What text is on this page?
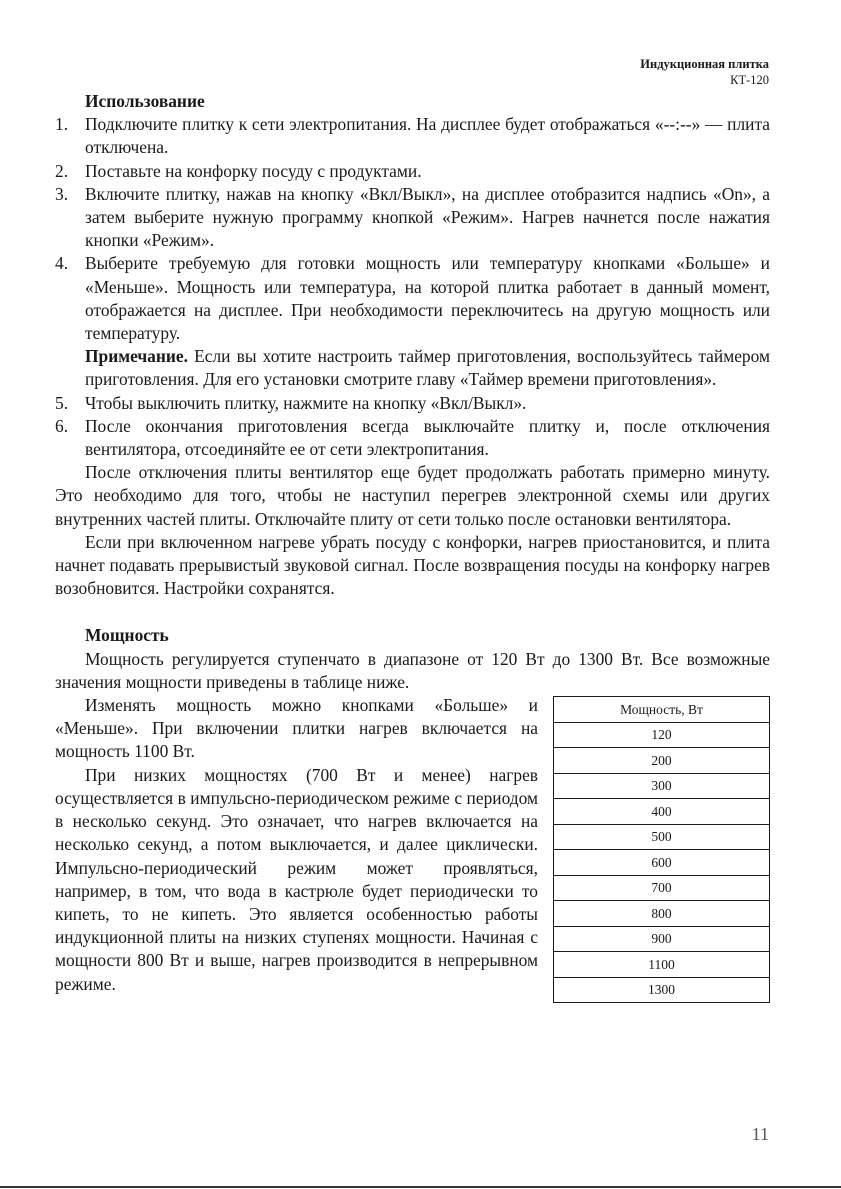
Индукционная плитка
КТ-120
Использование
1. Подключите плитку к сети электропитания. На дисплее будет отображаться «--:--» — плита отключена.
2. Поставьте на конфорку посуду с продуктами.
3. Включите плитку, нажав на кнопку «Вкл/Выкл», на дисплее отобразится надпись «On», а затем выберите нужную программу кнопкой «Режим». Нагрев начнется после нажатия кнопки «Режим».
4. Выберите требуемую для готовки мощность или температуру кнопками «Больше» и «Меньше». Мощность или температура, на которой плитка работает в данный момент, отображается на дисплее. При необходимости переключитесь на другую мощность или температуру.
Примечание. Если вы хотите настроить таймер приготовления, воспользуйтесь таймером приготовления. Для его установки смотрите главу «Таймер времени приготовления».
5. Чтобы выключить плитку, нажмите на кнопку «Вкл/Выкл».
6. После окончания приготовления всегда выключайте плитку и, после отключения вентилятора, отсоединяйте ее от сети электропитания.
После отключения плиты вентилятор еще будет продолжать работать примерно минуту. Это необходимо для того, чтобы не наступил перегрев электронной схемы или других внутренних частей плиты. Отключайте плиту от сети только после остановки вентилятора.
Если при включенном нагреве убрать посуду с конфорки, нагрев приостановится, и плита начнет подавать прерывистый звуковой сигнал. После возвращения посуды на конфорку нагрев возобновится. Настройки сохранятся.
Мощность
Мощность регулируется ступенчато в диапазоне от 120 Вт до 1300 Вт. Все возможные значения мощности приведены в таблице ниже.
Изменять мощность можно кнопками «Больше» и «Меньше». При включении плитки нагрев включается на мощность 1100 Вт.
При низких мощностях (700 Вт и менее) нагрев осуществляется в импульсно-периодическом режиме с периодом в несколько секунд. Это означает, что нагрев включается на несколько секунд, а потом выключается, и далее циклически. Импульсно-периодический режим может проявляться, например, в том, что вода в кастрюле будет периодически то кипеть, то не кипеть. Это является особенностью работы индукционной плиты на низких ступенях мощности. Начиная с мощности 800 Вт и выше, нагрев производится в непрерывном режиме.
Мощность, Вт
120
200
300
400
500
600
700
800
900
1100
1300
11
